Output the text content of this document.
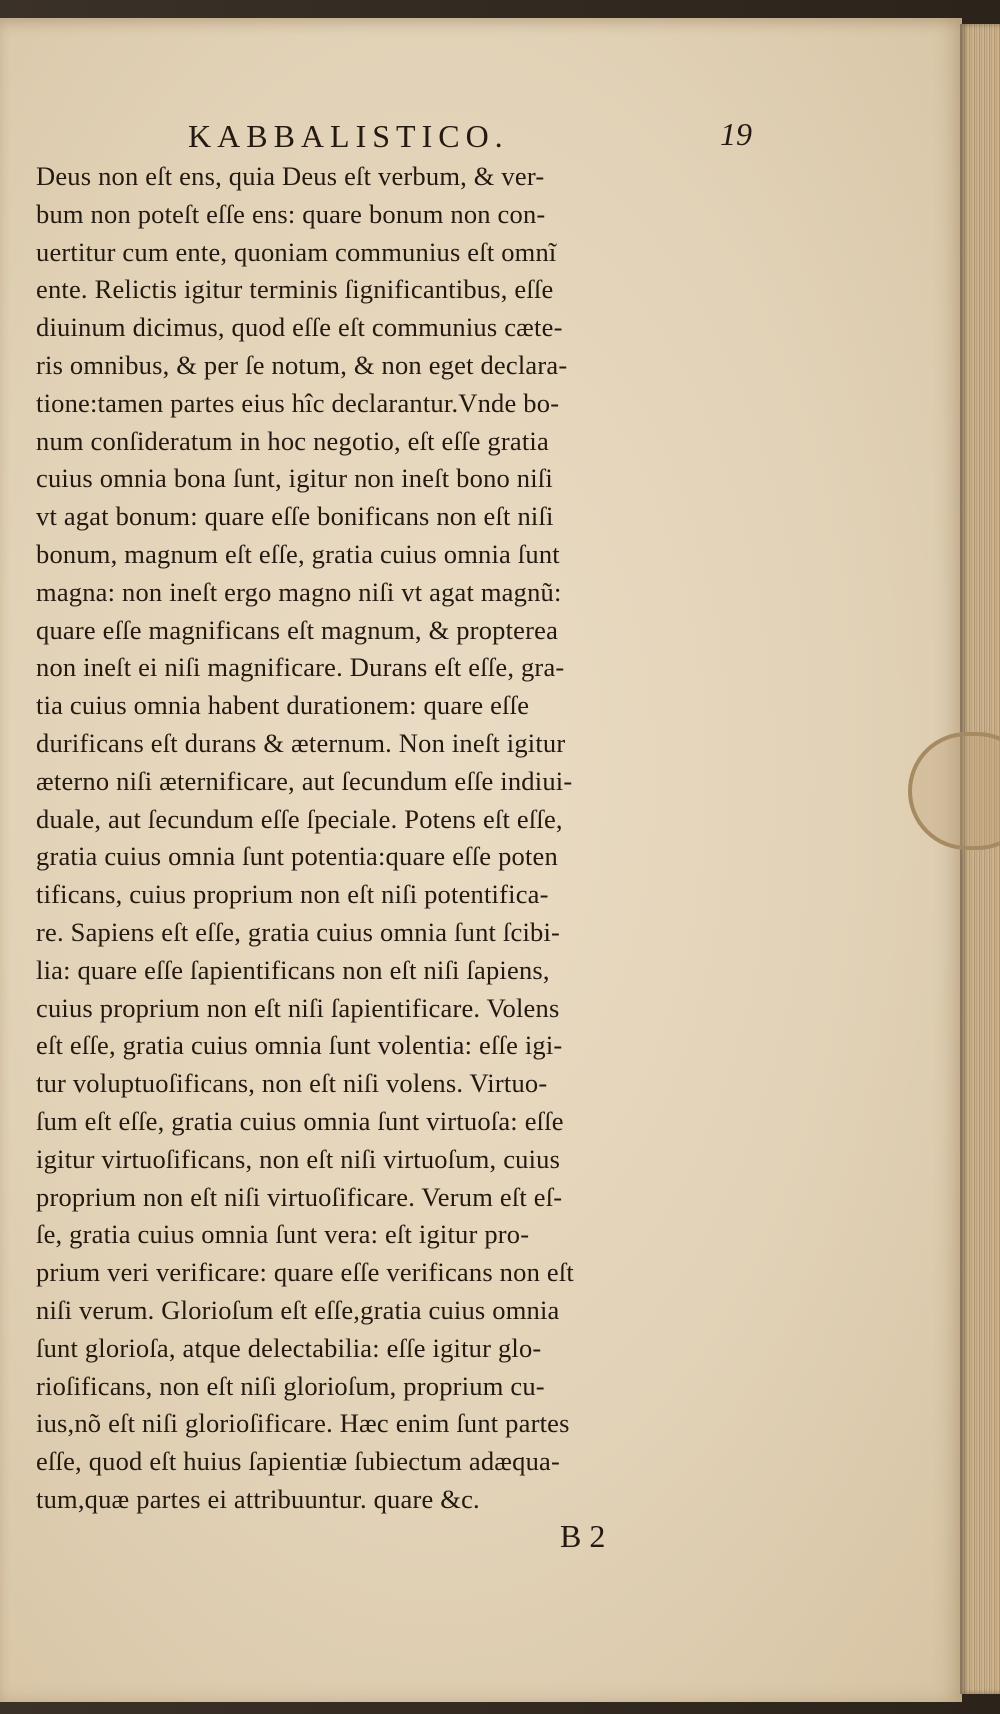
KABBALISTICO.	19
Deus non eſt ens, quia Deus eſt verbum, & ver-
bum non poteſt eſſe ens: quare bonum non con-
uertitur cum ente, quoniam communius eſt omnĩ
ente. Relictis igitur terminis ſignificantibus, eſſe
diuinum dicimus, quod eſſe eſt communius cæte-
ris omnibus, & per ſe notum, & non eget declara-
tione:tamen partes eius hîc declarantur.Vnde bo-
num conſideratum in hoc negotio, eſt eſſe gratia
cuius omnia bona ſunt, igitur non ineſt bono niſi
vt agat bonum: quare eſſe bonificans non eſt niſi
bonum, magnum eſt eſſe, gratia cuius omnia ſunt
magna: non ineſt ergo magno niſi vt agat magnũ:
quare eſſe magnificans eſt magnum, & propterea
non ineſt ei niſi magnificare. Durans eſt eſſe, gra-
tia cuius omnia habent durationem: quare eſſe
durificans eſt durans & æternum. Non ineſt igitur
æterno niſi æternificare, aut ſecundum eſſe indiui-
duale, aut ſecundum eſſe ſpeciale. Potens eſt eſſe,
gratia cuius omnia ſunt potentia:quare eſſe poten
tificans, cuius proprium non eſt niſi potentifica-
re. Sapiens eſt eſſe, gratia cuius omnia ſunt ſcibi-
lia: quare eſſe ſapientificans non eſt niſi ſapiens,
cuius proprium non eſt niſi ſapientificare. Volens
eſt eſſe, gratia cuius omnia ſunt volentia: eſſe igi-
tur voluptuoſificans, non eſt niſi volens. Virtuo-
ſum eſt eſſe, gratia cuius omnia ſunt virtuoſa: eſſe
igitur virtuoſificans, non eſt niſi virtuoſum, cuius
proprium non eſt niſi virtuoſificare. Verum eſt eſ-
ſe, gratia cuius omnia ſunt vera: eſt igitur pro-
prium veri verificare: quare eſſe verificans non eſt
niſi verum. Glorioſum eſt eſſe,gratia cuius omnia
ſunt glorioſa, atque delectabilia: eſſe igitur glo-
rioſificans, non eſt niſi glorioſum, proprium cu-
ius,nõ eſt niſi glorioſificare. Hæc enim ſunt partes
eſſe, quod eſt huius ſapientiæ ſubiectum adæqua-
tum,quæ partes ei attribuuntur. quare &c.
B 2
